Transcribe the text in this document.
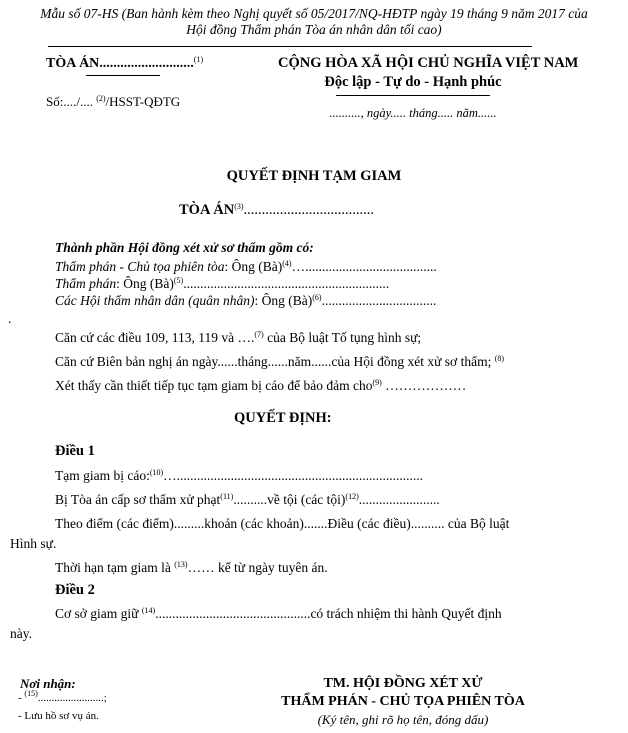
Mẫu số 07-HS (Ban hành kèm theo Nghị quyết số 05/2017/NQ-HĐTP ngày 19 tháng 9 năm 2017 của
Hội đồng Thẩm phán Tòa án nhân dân tối cao)
TÒA ÁN...........................$^{(1)}$
Số:..../.... $^{(2)}$/HSST-QĐTG
CỘNG HÒA XÃ HỘI CHỦ NGHĨA VIỆT NAM
Độc lập - Tự do - Hạnh phúc
.........., ngày..... tháng..... năm......
QUYẾT ĐỊNH TẠM GIAM
TÒA ÁN$^{(3)}$....................................
Thành phần Hội đồng xét xử sơ thẩm gồm có:
Thẩm phán - Chủ tọa phiên tòa: Ông (Bà)$^{(4)}$….......................................
Thẩm phán: Ông (Bà)$^{(5)}$.............................................................
Các Hội thẩm nhân dân (quân nhân): Ông (Bà)$^{(6)}$..................................
.
Căn cứ các điều 109, 113, 119 và ….$^{(7)}$ của Bộ luật Tố tụng hình sự;
Căn cứ Biên bản nghị án ngày......tháng......năm......của Hội đồng xét xử sơ thẩm; $^{(8)}$
Xét thấy cần thiết tiếp tục tạm giam bị cáo để bảo đảm cho$^{(9)}$ ………………
QUYẾT ĐỊNH:
Điều 1
Tạm giam bị cáo:$^{(10)}$….........................................................................
Bị Tòa án cấp sơ thẩm xử phạt$^{(11)}$..........về tội (các tội)$^{(12)}$........................
Theo điểm (các điểm).........khoản (các khoản).......Điều (các điều).......... của Bộ luật
Hình sự.
Thời hạn tạm giam là $^{(13)}$…… kể từ ngày tuyên án.
Điều 2
Cơ sở giam giữ $^{(14)}$..............................................có trách nhiệm thi hành Quyết định
này.
Nơi nhận:
- $^{(15)}$........................;
- Lưu hồ sơ vụ án.
TM. HỘI ĐỒNG XÉT XỬ
THẨM PHÁN - CHỦ TỌA PHIÊN TÒA
(Ký tên, ghi rõ họ tên, đóng dấu)
